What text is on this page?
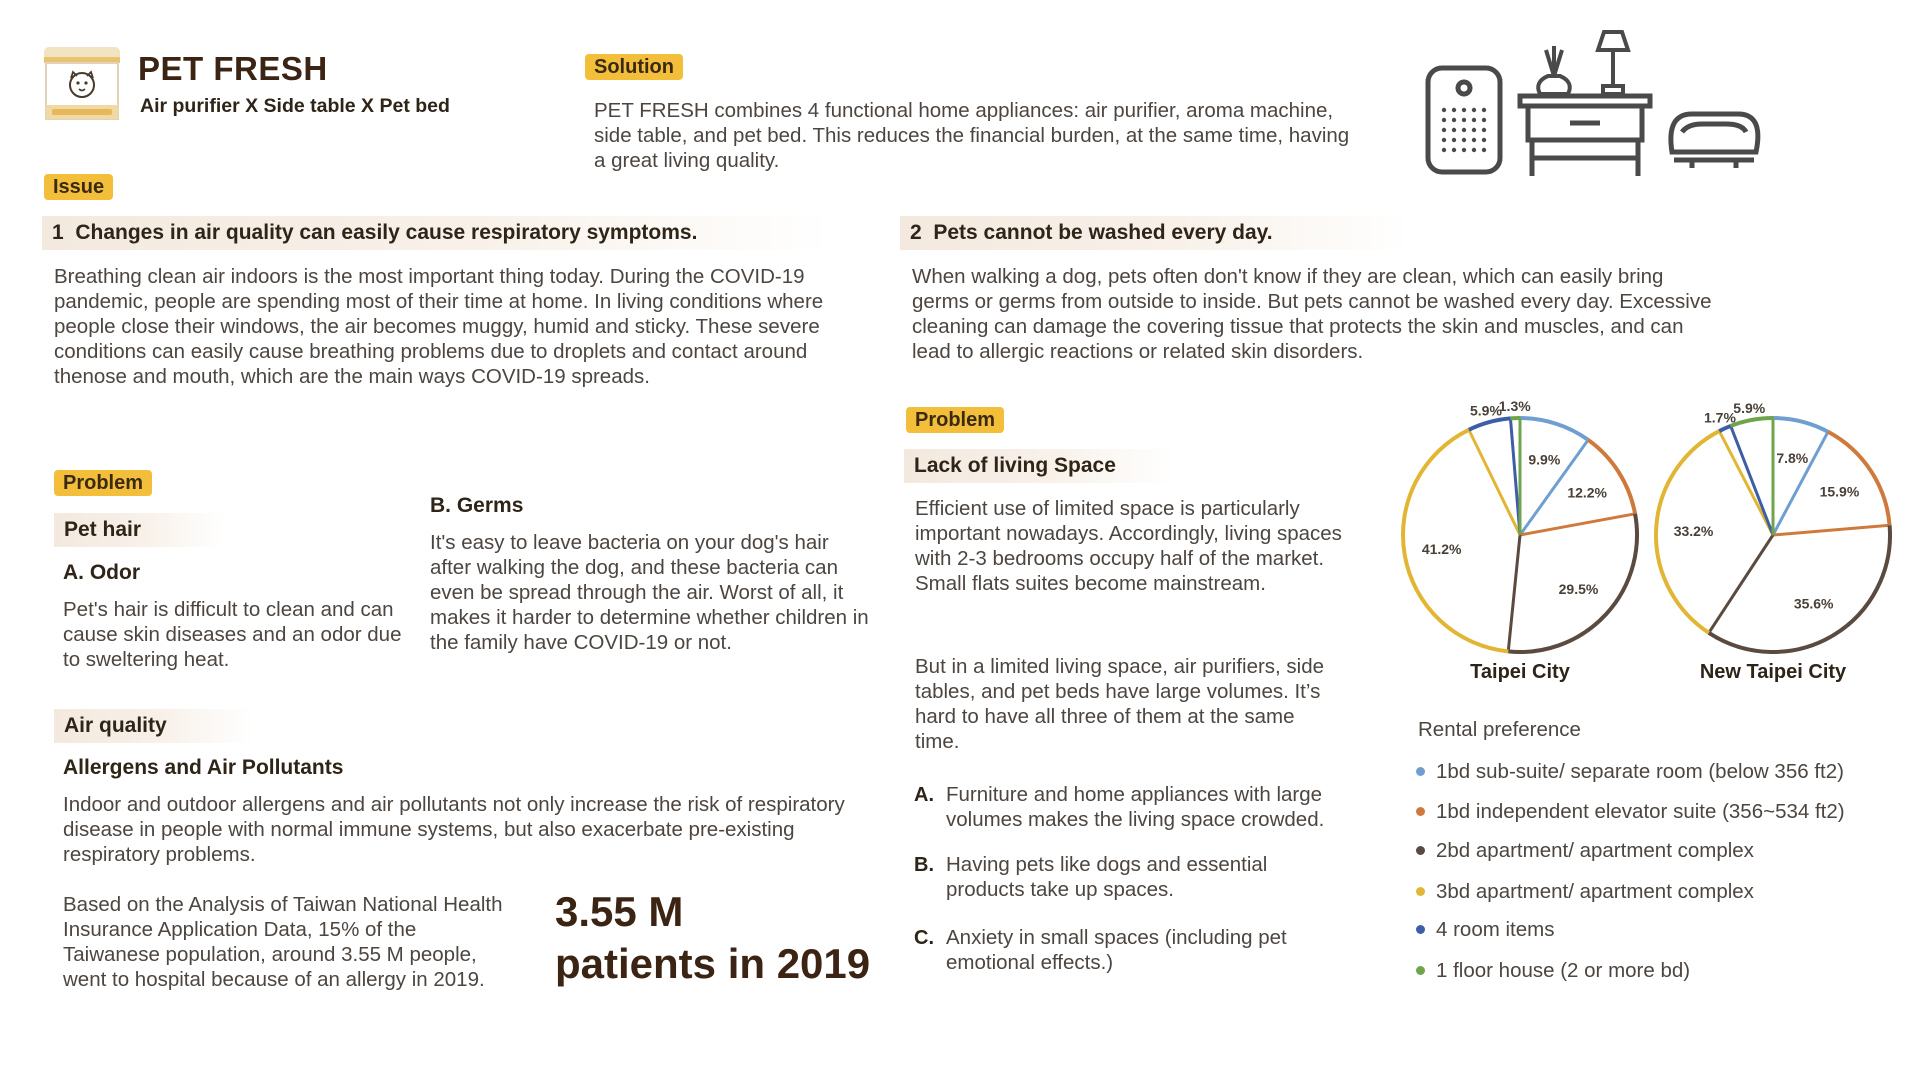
PET FRESH
Air purifier X Side table X Pet bed
Solution
PET FRESH combines 4 functional home appliances: air purifier, aroma machine, side table, and pet bed. This reduces the financial burden, at the same time, having a great living quality.
Issue
1 Changes in air quality can easily cause respiratory symptoms.
Breathing clean air indoors is the most important thing today. During the COVID-19 pandemic, people are spending most of their time at home. In living conditions where people close their windows, the air becomes muggy, humid and sticky. These severe conditions can easily cause breathing problems due to droplets and contact around thenose and mouth, which are the main ways COVID-19 spreads.
2 Pets cannot be washed every day.
When walking a dog, pets often don't know if they are clean, which can easily bring germs or germs from outside to inside. But pets cannot be washed every day. Excessive cleaning can damage the covering tissue that protects the skin and muscles, and can lead to allergic reactions or related skin disorders.
Problem
Pet hair
A. Odor
Pet's hair is difficult to clean and can cause skin diseases and an odor due to sweltering heat.
B. Germs
It's easy to leave bacteria on your dog's hair after walking the dog, and these bacteria can even be spread through the air. Worst of all, it makes it harder to determine whether children in the family have COVID-19 or not.
Air quality
Allergens and Air Pollutants
Indoor and outdoor allergens and air pollutants not only increase the risk of respiratory disease in people with normal immune systems, but also exacerbate pre-existing respiratory problems.
Based on the Analysis of Taiwan National Health Insurance Application Data, 15% of the Taiwanese population, around 3.55 M people, went to hospital because of an allergy in 2019.
3.55 M
patients in 2019
Problem
Lack of living Space
Efficient use of limited space is particularly important nowadays. Accordingly, living spaces with 2-3 bedrooms occupy half of the market. Small flats suites become mainstream.
But in a limited living space, air purifiers, side tables, and pet beds have large volumes. It’s hard to have all three of them at the same time.
A. Furniture and home appliances with large volumes makes the living space crowded.
B. Having pets like dogs and essential products take up spaces.
C. Anxiety in small spaces (including pet emotional effects.)
9.9%
12.2%
29.5%
41.2%
5.9%
1.3%
Taipei City
7.8%
15.9%
35.6%
33.2%
1.7%
5.9%
New Taipei City
Rental preference
1bd sub-suite/ separate room (below 356 ft2)
1bd independent elevator suite (356~534 ft2)
2bd apartment/ apartment complex
3bd apartment/ apartment complex
4 room items
1 floor house (2 or more bd)
